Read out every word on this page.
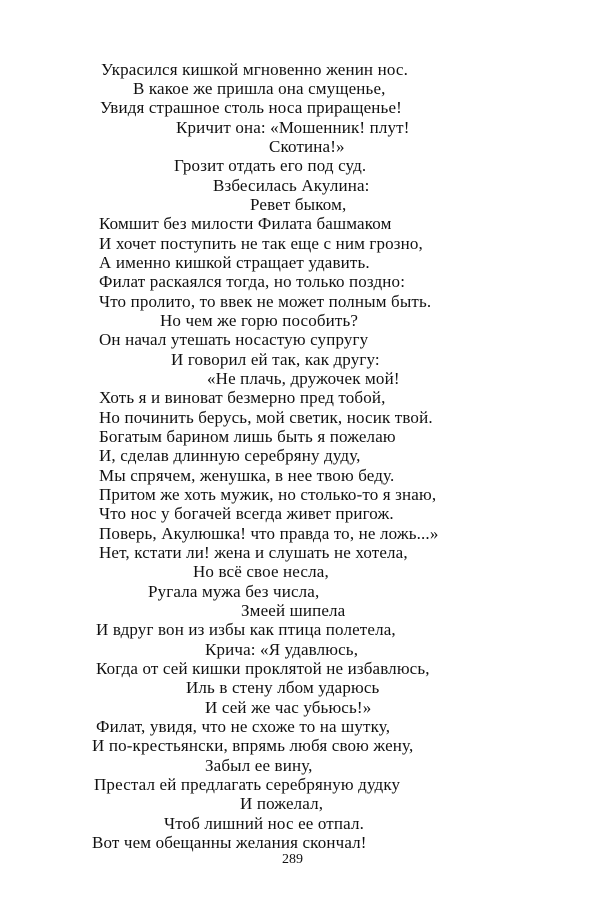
Украсился кишкой мгновенно женин нос.
В какое же пришла она смущенье,
Увидя страшное столь носа приращенье!
Кричит она: «Мошенник! плут!
Скотина!»
Грозит отдать его под суд.
Взбесилась Акулина:
Ревет быком,
Комшит без милости Филата башмаком
И хочет поступить не так еще с ним грозно,
А именно кишкой стращает удавить.
Филат раскаялся тогда, но только поздно:
Что пролито, то ввек не может полным быть.
Но чем же горю пособить?
Он начал утешать носастую супругу
И говорил ей так, как другу:
«Не плачь, дружочек мой!
Хоть я и виноват безмерно пред тобой,
Но починить берусь, мой светик, носик твой.
Богатым барином лишь быть я пожелаю
И, сделав длинную серебряну дуду,
Мы спрячем, женушка, в нее твою беду.
Притом же хоть мужик, но столько-то я знаю,
Что нос у богачей всегда живет пригож.
Поверь, Акулюшка! что правда то, не ложь...»
Нет, кстати ли! жена и слушать не хотела,
Но всё свое несла,
Ругала мужа без числа,
Змеей шипела
И вдруг вон из избы как птица полетела,
Крича: «Я удавлюсь,
Когда от сей кишки проклятой не избавлюсь,
Иль в стену лбом ударюсь
И сей же час убьюсь!»
Филат, увидя, что не схоже то на шутку,
И по-крестьянски, впрямь любя свою жену,
Забыл ее вину,
Престал ей предлагать серебряную дудку
И пожелал,
Чтоб лишний нос ее отпал.
Вот чем обещанны желания скончал!
289
